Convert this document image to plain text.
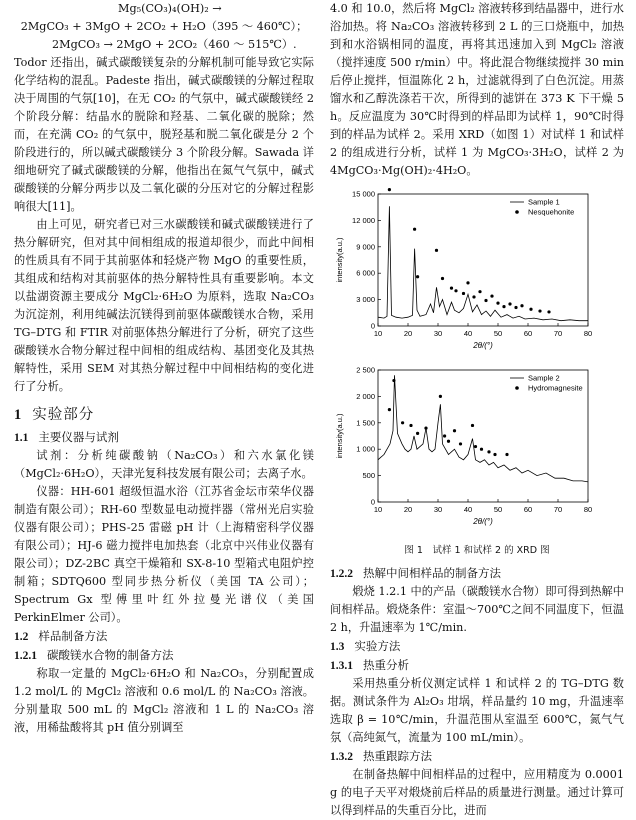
Mg₅(CO₃)₄(OH)₂ →

2MgCO₃ + 3MgO + 2CO₂ + H₂O（395 ～ 460℃）；

2MgCO₃ → 2MgO + 2CO₂（460 ～ 515℃）.

Todor 还指出，碱式碳酸镁复杂的分解机制可能导致它实际化学结构的混乱。Padeste 指出，碱式碳酸镁的分解过程取决于周围的气氛[10]，在无 CO₂ 的气氛中，碱式碳酸镁经 2 个阶段分解：结晶水的脱除和羟基、二氧化碳的脱除；然而，在充满 CO₂ 的气氛中，脱羟基和脱二氧化碳是分 2 个阶段进行的，所以碱式碳酸镁分 3 个阶段分解。Sawada 详细地研究了碱式碳酸镁的分解，他指出在氮气气氛中，碱式碳酸镁的分解分两步以及二氧化碳的分压对它的分解过程影响很大[11]。

由上可见，研究者已对三水碳酸镁和碱式碳酸镁进行了热分解研究，但对其中间相组成的报道却很少，而此中间相的性质具有不同于其前驱体和轻烧产物 MgO 的重要性质，其组成和结构对其前驱体的热分解特性具有重要影响。本文以盐湖资源主要成分 MgCl₂·6H₂O 为原料，选取 Na₂CO₃ 为沉淀剂，利用纯碱法沉镁得到前驱体碳酸镁水合物，采用 TG–DTG 和 FTIR 对前驱体热分解进行了分析，研究了这些碳酸镁水合物分解过程中间相的组成结构、基团变化及其热解特性，采用 SEM 对其热分解过程中中间相结构的变化进行了分析。

1 实验部分
1.1 主要仪器与试剂

试剂：分析纯碳酸钠（Na₂CO₃）和六水氯化镁（MgCl₂·6H₂O），天津光复科技发展有限公司；去离子水。

仪器：HH-601 超级恒温水浴（江苏省金坛市荣华仪器制造有限公司）；RH-60 型数显电动搅拌器（常州光启实验仪器有限公司）；PHS-25 雷磁 pH 计（上海精密科学仪器有限公司）；HJ-6 磁力搅拌电加热套（北京中兴伟业仪器有限公司）；DZ-2BC 真空干燥箱和 SX-8-10 型箱式电阻炉控制箱；SDTQ600 型同步热分析仪（美国 TA 公司）；Spectrum Gx 型傅里叶红外拉曼光谱仪（美国 PerkinElmer 公司）。

1.2 样品制备方法
1.2.1 碳酸镁水合物的制备方法

称取一定量的 MgCl₂·6H₂O 和 Na₂CO₃，分别配置成 1.2 mol/L 的 MgCl₂ 溶液和 0.6 mol/L 的 Na₂CO₃ 溶液。分别量取 500 mL 的 MgCl₂ 溶液和 1 L 的 Na₂CO₃ 溶液，用稀盐酸将其 pH 值分别调至

4.0 和 10.0，然后将 MgCl₂ 溶液转移到结晶器中，进行水浴加热。将 Na₂CO₃ 溶液转移到 2 L 的三口烧瓶中，加热到和水浴锅相同的温度，再将其迅速加入到 MgCl₂ 溶液（搅拌速度 500 r/min）中。将此混合物继续搅拌 30 min 后停止搅拌，恒温陈化 2 h，过滤就得到了白色沉淀。用蒸馏水和乙醇洗涤若干次，所得到的滤饼在 373 K 下干燥 5 h。反应温度为 30℃时得到的样品即为试样 1，90℃时得到的样品为试样 2。采用 XRD（如图 1）对试样 1 和试样 2 的组成进行分析，试样 1 为 MgCO₃·3H₂O，试样 2 为 4MgCO₃·Mg(OH)₂·4H₂O。

10	20	30	40	50	60	70	80
0
3 000
6 000
9 000
12 000
15 000
2θ/(°)
intensity(a.u.)
Sample 1
Nesquehonite
10	20	30	40	50	60	70	80
0
500
1 000
1 500
2 000
2 500
2θ/(°)
intensity(a.u.)
Sample 2
Hydromagnesite

图 1　试样 1 和试样 2 的 XRD 图

1.2.2 热解中间相样品的制备方法

煅烧 1.2.1 中的产品（碳酸镁水合物）即可得到热解中间相样品。煅烧条件：室温～700℃之间不同温度下，恒温 2 h，升温速率为 1℃/min.

1.3 实验方法
1.3.1 热重分析

采用热重分析仪测定试样 1 和试样 2 的 TG–DTG 数据。测试条件为 Al₂O₃ 坩埚，样品量约 10 mg，升温速率选取 β = 10℃/min，升温范围从室温至 600℃，氮气气氛（高纯氮气，流量为 100 mL/min）。

1.3.2 热重跟踪方法

在制备热解中间相样品的过程中，应用精度为 0.0001 g 的电子天平对煅烧前后样品的质量进行测量。通过计算可以得到样品的失重百分比，进而
